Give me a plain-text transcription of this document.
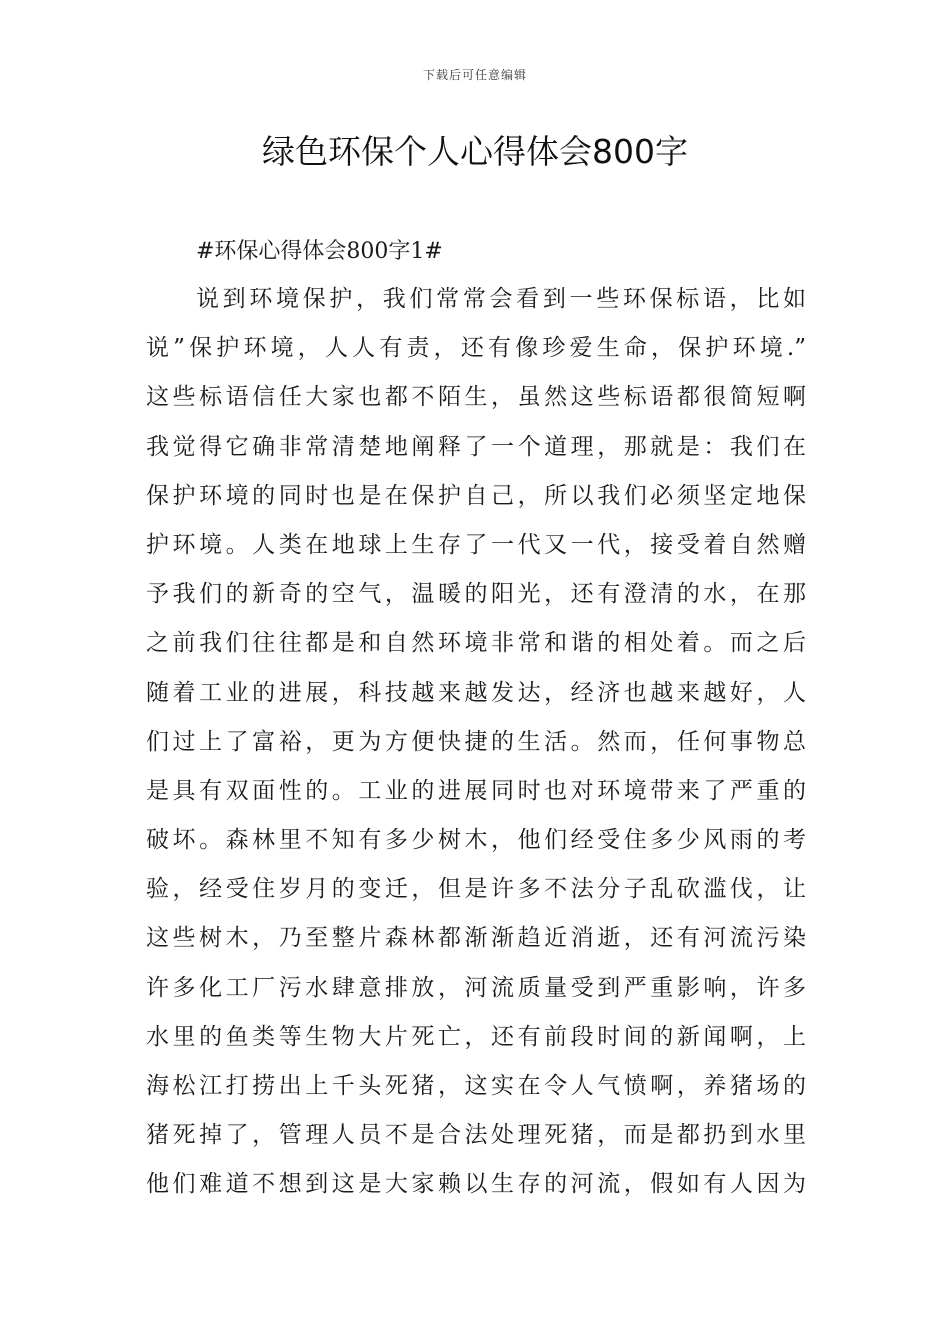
下载后可任意编辑
绿色环保个人心得体会800字
#环保心得体会800字1#
说到环境保护，我们常常会看到一些环保标语，比如
说”保护环境，人人有责，还有像珍爱生命，保护环境.”
这些标语信任大家也都不陌生，虽然这些标语都很简短啊
我觉得它确非常清楚地阐释了一个道理，那就是：我们在
保护环境的同时也是在保护自己，所以我们必须坚定地保
护环境。人类在地球上生存了一代又一代，接受着自然赠
予我们的新奇的空气，温暖的阳光，还有澄清的水，在那
之前我们往往都是和自然环境非常和谐的相处着。而之后
随着工业的进展，科技越来越发达，经济也越来越好，人
们过上了富裕，更为方便快捷的生活。然而，任何事物总
是具有双面性的。工业的进展同时也对环境带来了严重的
破坏。森林里不知有多少树木，他们经受住多少风雨的考
验，经受住岁月的变迁，但是许多不法分子乱砍滥伐，让
这些树木，乃至整片森林都渐渐趋近消逝，还有河流污染
许多化工厂污水肆意排放，河流质量受到严重影响，许多
水里的鱼类等生物大片死亡，还有前段时间的新闻啊，上
海松江打捞出上千头死猪，这实在令人气愤啊，养猪场的
猪死掉了，管理人员不是合法处理死猪，而是都扔到水里
他们难道不想到这是大家赖以生存的河流，假如有人因为
